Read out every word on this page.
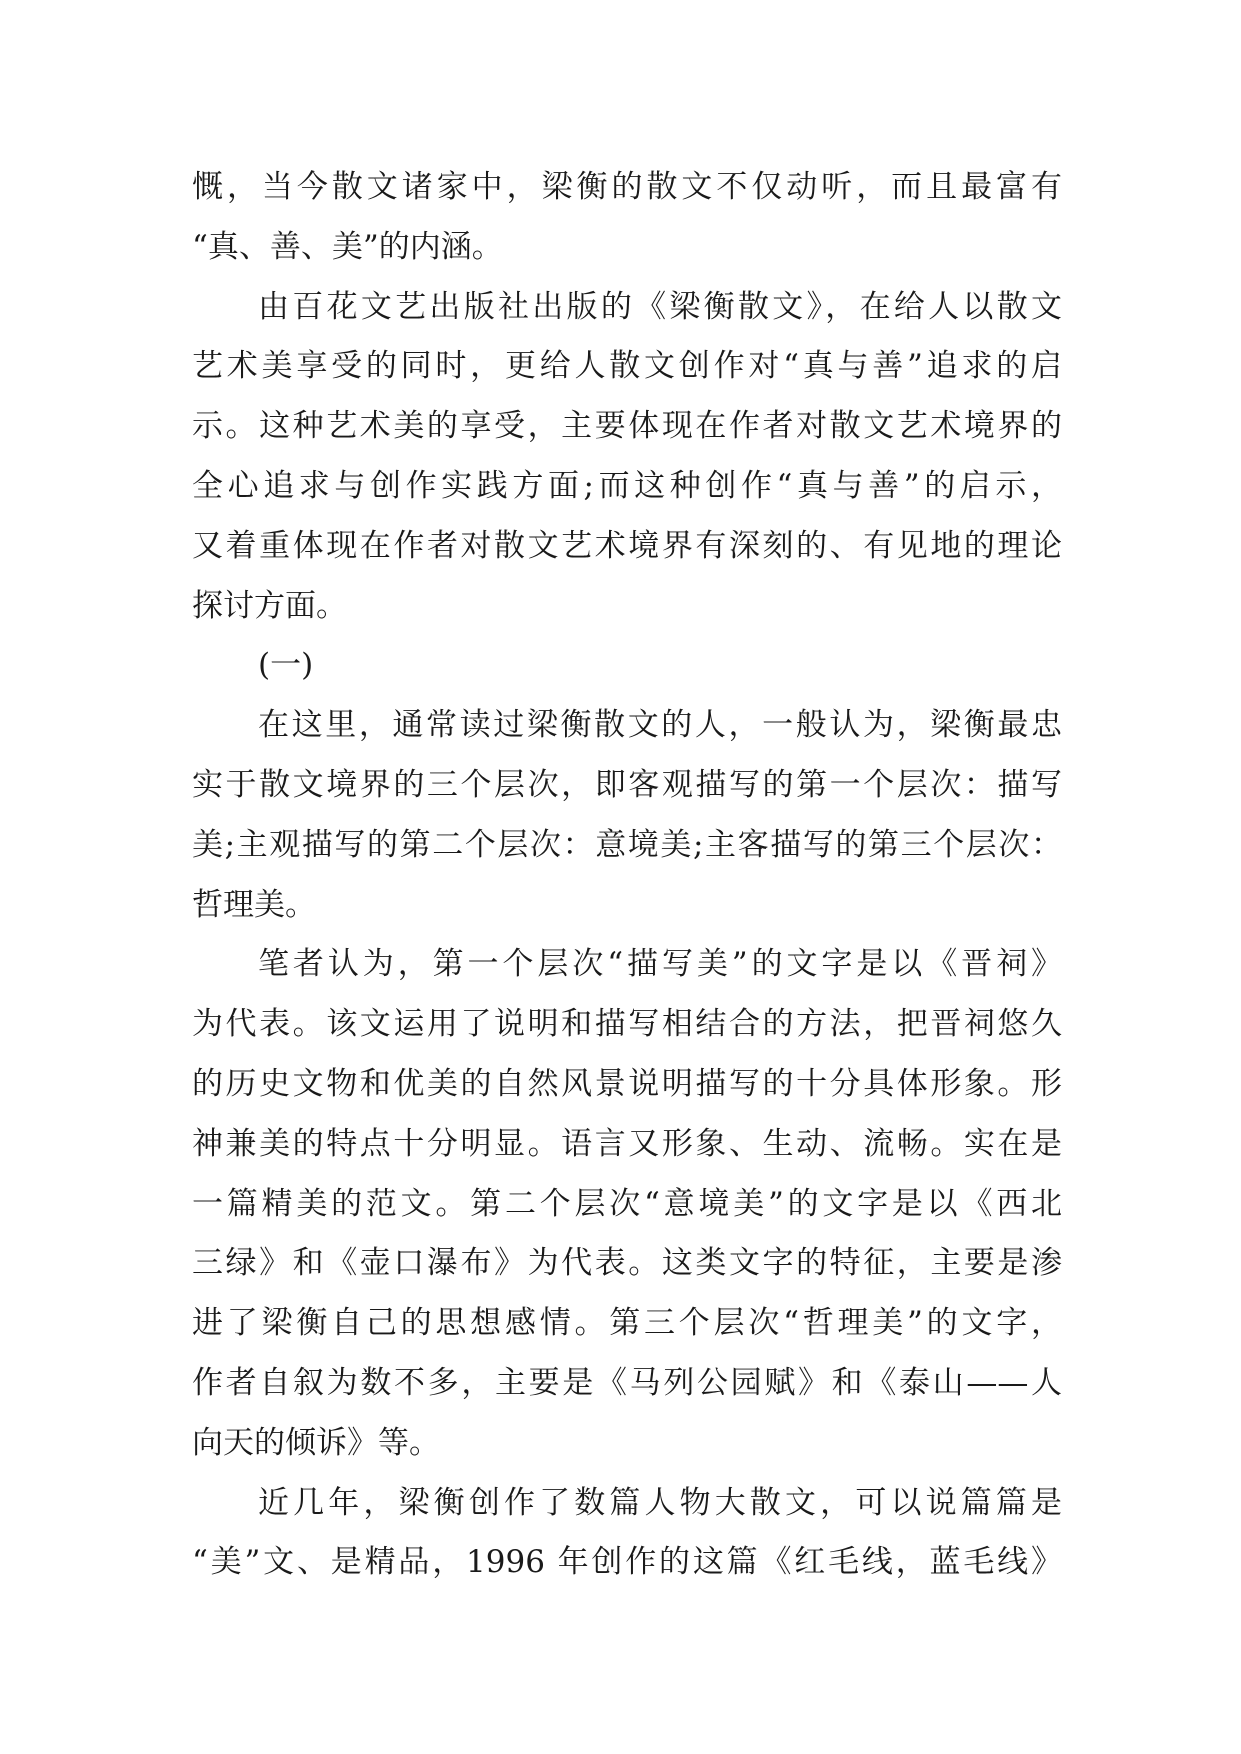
慨，当今散文诸家中，梁衡的散文不仅动听，而且最富有
“真、善、美”的内涵。
由百花文艺出版社出版的《梁衡散文》，在给人以散文
艺术美享受的同时，更给人散文创作对“真与善”追求的启
示。这种艺术美的享受，主要体现在作者对散文艺术境界的
全心追求与创作实践方面;而这种创作“真与善”的启示，
又着重体现在作者对散文艺术境界有深刻的、有见地的理论
探讨方面。
(一)
在这里，通常读过梁衡散文的人，一般认为，梁衡最忠
实于散文境界的三个层次，即客观描写的第一个层次：描写
美;主观描写的第二个层次：意境美;主客描写的第三个层次：
哲理美。
笔者认为，第一个层次“描写美”的文字是以《晋祠》
为代表。该文运用了说明和描写相结合的方法，把晋祠悠久
的历史文物和优美的自然风景说明描写的十分具体形象。形
神兼美的特点十分明显。语言又形象、生动、流畅。实在是
一篇精美的范文。第二个层次“意境美”的文字是以《西北
三绿》和《壶口瀑布》为代表。这类文字的特征，主要是渗
进了梁衡自己的思想感情。第三个层次“哲理美”的文字，
作者自叙为数不多，主要是《马列公园赋》和《泰山——人
向天的倾诉》等。
近几年，梁衡创作了数篇人物大散文，可以说篇篇是
“美”文、是精品，1996 年创作的这篇《红毛线，蓝毛线》
